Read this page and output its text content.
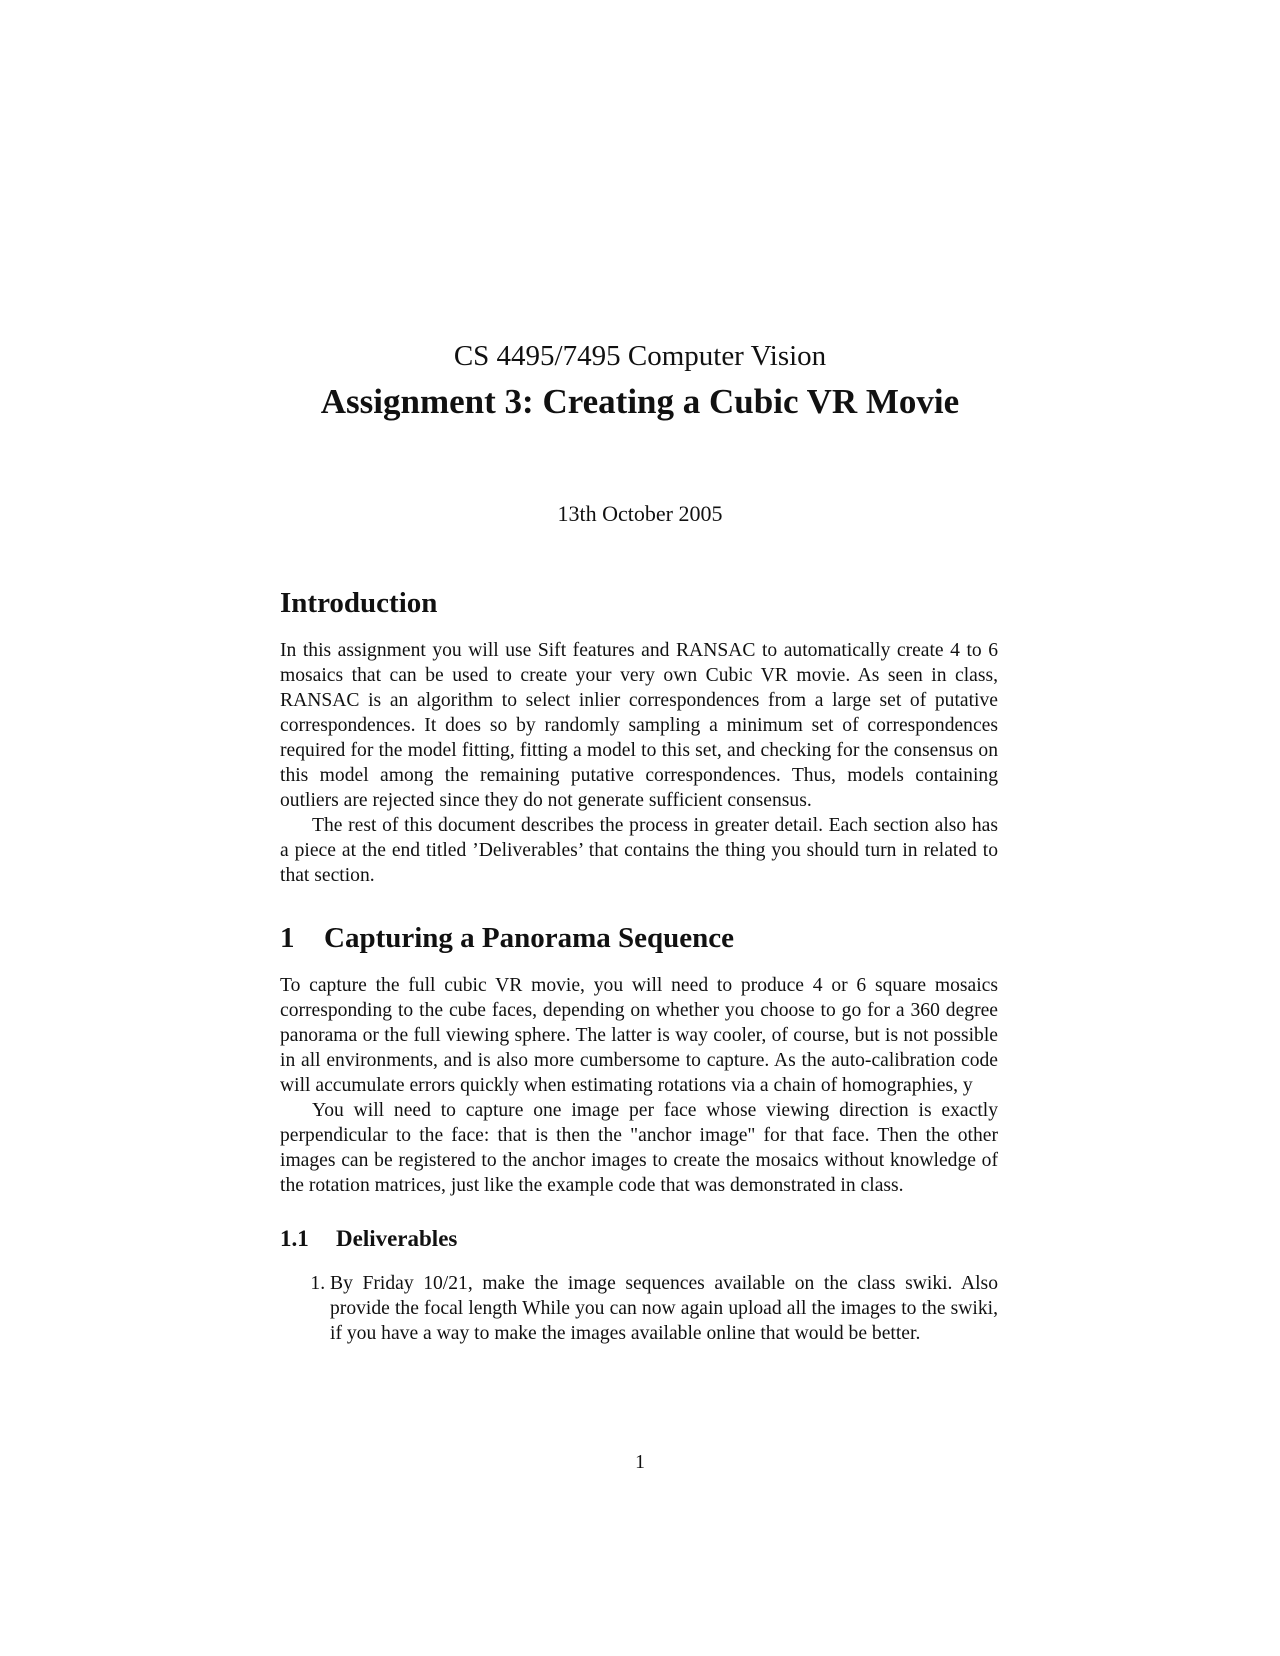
CS 4495/7495 Computer Vision
Assignment 3: Creating a Cubic VR Movie
13th October 2005
Introduction

In this assignment you will use Sift features and RANSAC to automatically create 4 to 6 mosaics that can be used to create your very own Cubic VR movie. As seen in class, RANSAC is an algorithm to select inlier correspondences from a large set of putative correspondences. It does so by randomly sampling a minimum set of correspondences required for the model fitting, fitting a model to this set, and checking for the consensus on this model among the remaining putative correspondences. Thus, models containing outliers are rejected since they do not generate sufficient consensus.

The rest of this document describes the process in greater detail. Each section also has a piece at the end titled ’Deliverables’ that contains the thing you should turn in related to that section.

1 Capturing a Panorama Sequence

To capture the full cubic VR movie, you will need to produce 4 or 6 square mosaics corresponding to the cube faces, depending on whether you choose to go for a 360 degree panorama or the full viewing sphere. The latter is way cooler, of course, but is not possible in all environments, and is also more cumbersome to capture. As the auto-calibration code will accumulate errors quickly when estimating rotations via a chain of homographies, y

You will need to capture one image per face whose viewing direction is exactly perpendicular to the face: that is then the "anchor image" for that face. Then the other images can be registered to the anchor images to create the mosaics without knowledge of the rotation matrices, just like the example code that was demonstrated in class.

1.1 Deliverables
1. By Friday 10/21, make the image sequences available on the class swiki. Also provide the focal length While you can now again upload all the images to the swiki, if you have a way to make the images available online that would be better.
1
